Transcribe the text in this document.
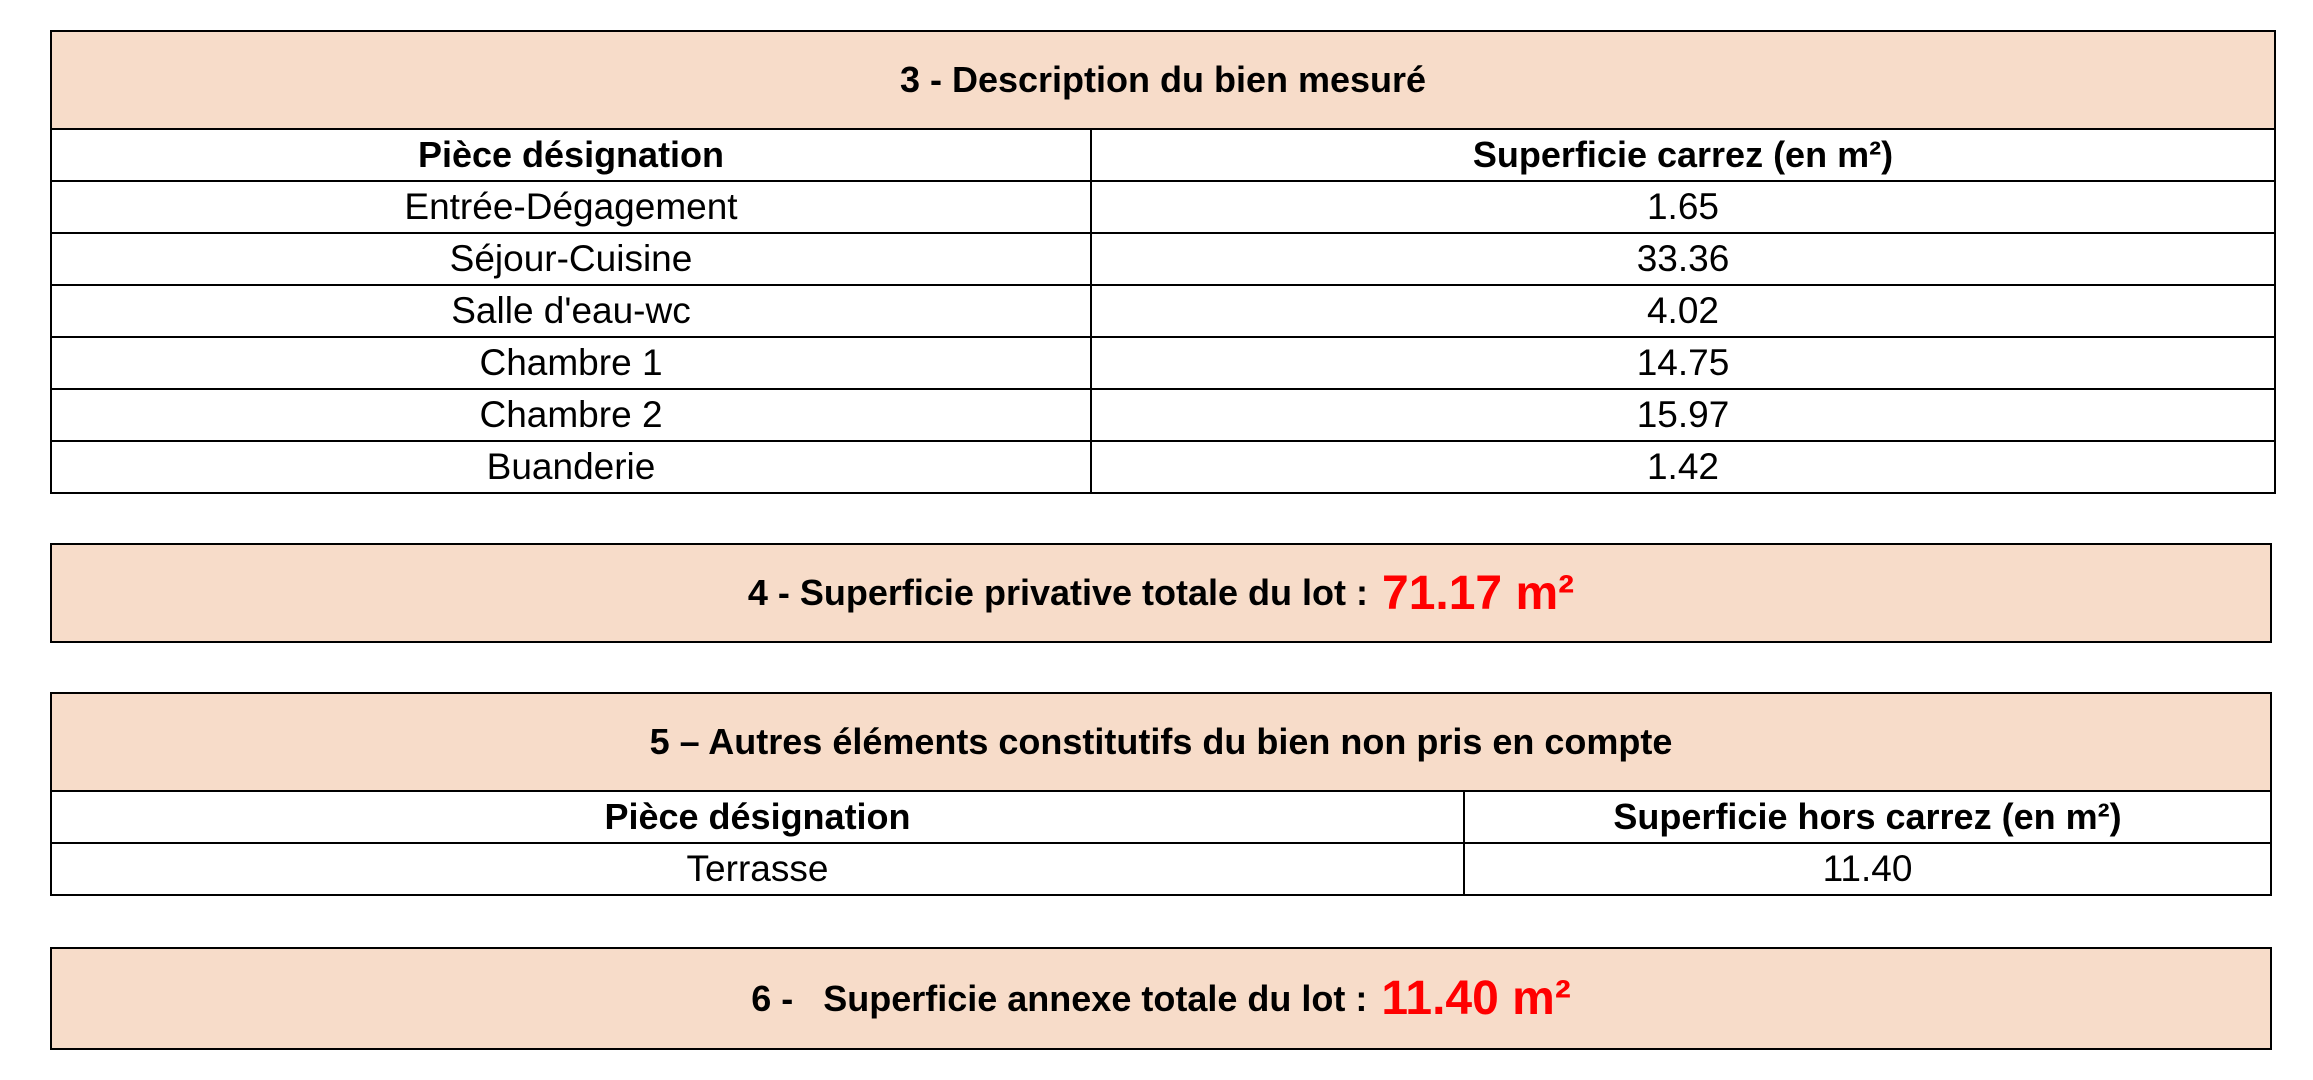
3 - Description du bien mesuré
Pièce désignation	Superficie carrez (en m²)
Entrée-Dégagement	1.65
Séjour-Cuisine	33.36
Salle d'eau-wc	4.02
Chambre 1	14.75
Chambre 2	15.97
Buanderie	1.42
4 - Superficie privative totale du lot : 71.17 m²
5 – Autres éléments constitutifs du bien non pris en compte
Pièce désignation	Superficie hors carrez (en m²)
Terrasse	11.40
6 -   Superficie annexe totale du lot : 11.40 m²
